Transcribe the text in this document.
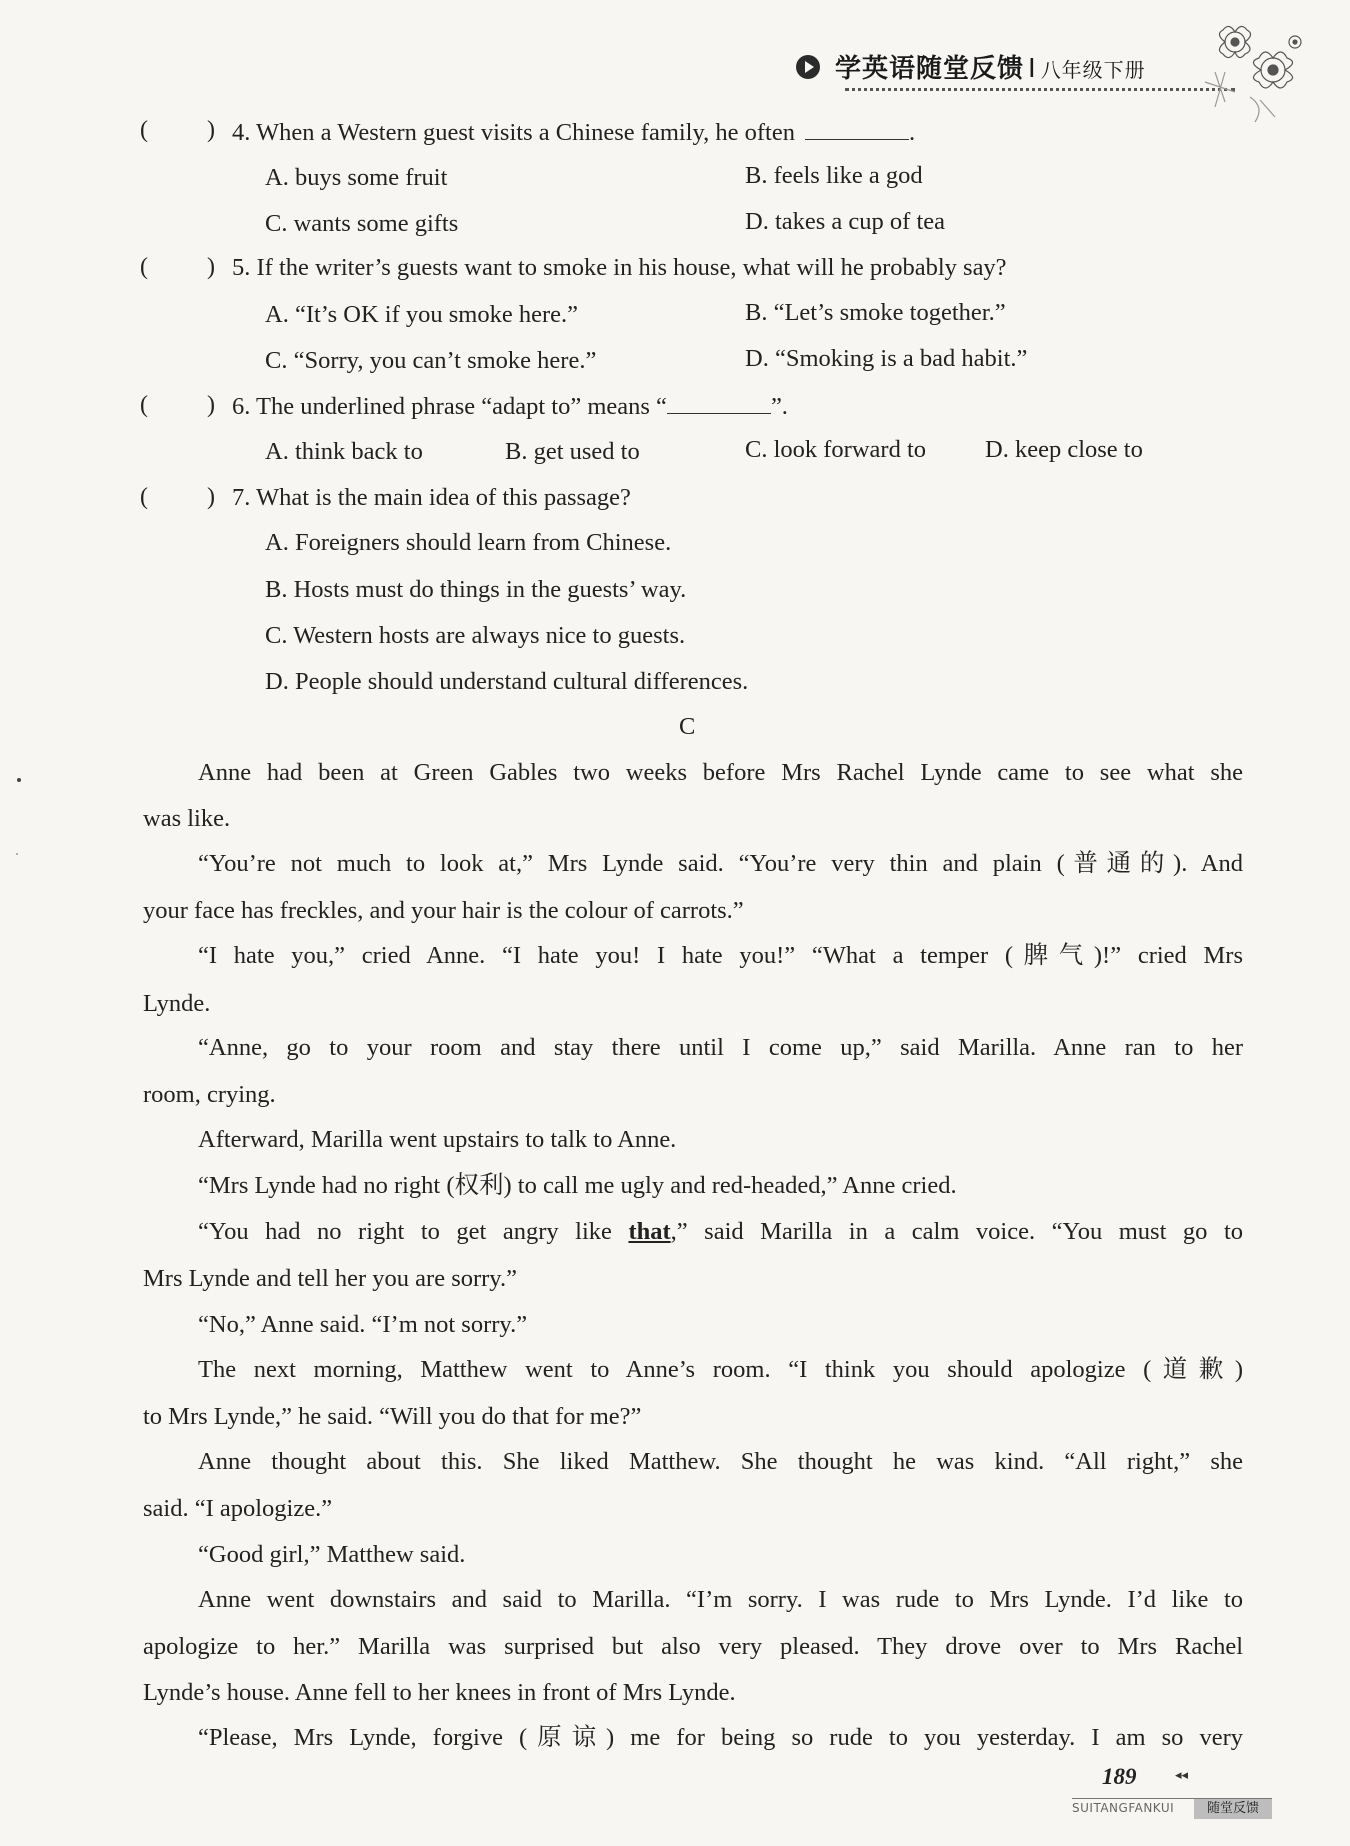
学英语随堂反馈 I 八年级下册
( ) 4. When a Western guest visits a Chinese family, he often	.
A. buys some fruit	B. feels like a god
C. wants some gifts	D. takes a cup of tea
( ) 5. If the writer’s guests want to smoke in his house, what will he probably say?
A. “It’s OK if you smoke here.”	B. “Let’s smoke together.”
C. “Sorry, you can’t smoke here.”	D. “Smoking is a bad habit.”
( ) 6. The underlined phrase “adapt to” means “	”.
A. think back to	B. get used to	C. look forward to D. keep close to
( ) 7. What is the main idea of this passage?
A. Foreigners should learn from Chinese.
B. Hosts must do things in the guests’ way.
C. Western hosts are always nice to guests.
D. People should understand cultural differences.
C
Anne had been at Green Gables two weeks before Mrs Rachel Lynde came to see what she
was like.
“You’re not much to look at,” Mrs Lynde said. “You’re very thin and plain (普通的). And
your face has freckles, and your hair is the colour of carrots.”
“I hate you,” cried Anne. “I hate you! I hate you!” “What a temper (脾气)!” cried Mrs
Lynde.
“Anne, go to your room and stay there until I come up,” said Marilla. Anne ran to her
room, crying.
Afterward, Marilla went upstairs to talk to Anne.
“Mrs Lynde had no right (权利) to call me ugly and red-headed,” Anne cried.
“You had no right to get angry like that,” said Marilla in a calm voice. “You must go to
Mrs Lynde and tell her you are sorry.”
“No,” Anne said. “I’m not sorry.”
The next morning, Matthew went to Anne’s room. “I think you should apologize (道歉)
to Mrs Lynde,” he said. “Will you do that for me?”
Anne thought about this. She liked Matthew. She thought he was kind. “All right,” she
said. “I apologize.”
“Good girl,” Matthew said.
Anne went downstairs and said to Marilla. “I’m sorry. I was rude to Mrs Lynde. I’d like to
apologize to her.” Marilla was surprised but also very pleased. They drove over to Mrs Rachel
Lynde’s house. Anne fell to her knees in front of Mrs Lynde.
“Please, Mrs Lynde, forgive (原谅) me for being so rude to you yesterday. I am so very
189	◂◂
SUITANGFANKUI	随堂反馈
